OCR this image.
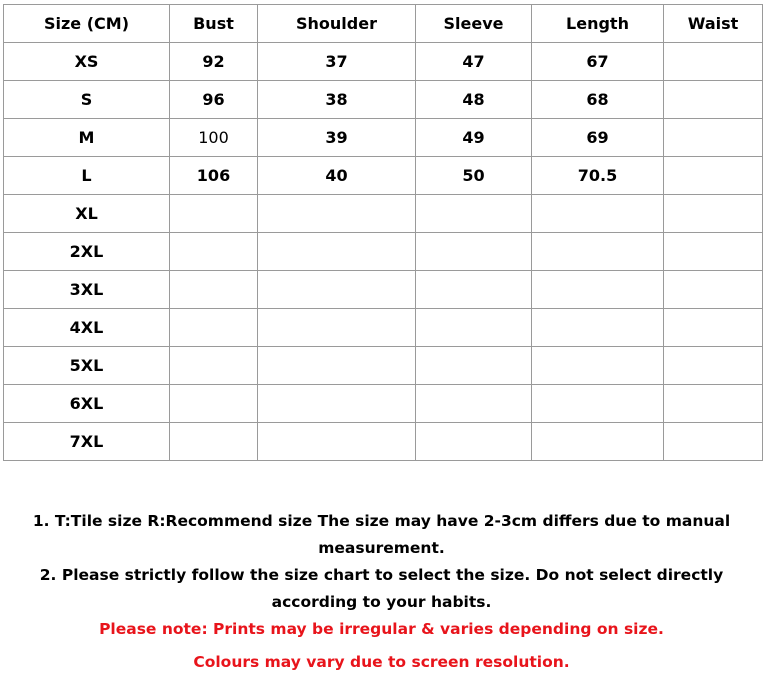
Size (CM)	Bust	Shoulder	Sleeve	Length	Waist
XS	92	37	47	67	
S	96	38	48	68	
M	100	39	49	69	
L	106	40	50	70.5	
XL					
2XL					
3XL					
4XL					
5XL					
6XL					
7XL					

1. T:Tile size R:Recommend size The size may have 2-3cm differs due to manual measurement.

2. Please strictly follow the size chart to select the size. Do not select directly according to your habits.

Please note: Prints may be irregular & varies depending on size.

Colours may vary due to screen resolution.
